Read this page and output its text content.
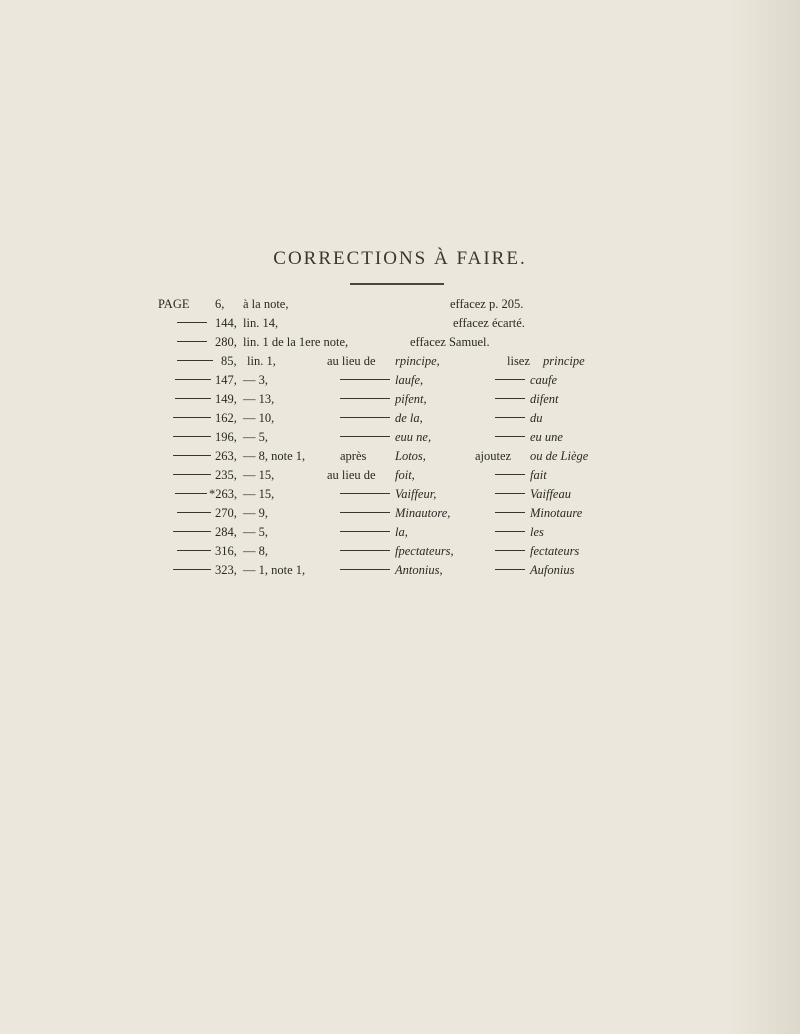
CORRECTIONS À FAIRE.
PAGE 6, à la note,	effacez p. 205.
144, lin. 14,	effacez écarté.
280, lin. 1 de la 1ere note,	effacez Samuel.
85, lin. 1,	au lieu de rpincipe,	lisez principe
147, — 3,	laufe,	caufe
149, — 13,	pifent,	difent
162, — 10,	de la,	du
196, — 5,	euu ne,	eu une
263, — 8, note 1,	après Lotos,	ajoutez ou de Liège
235, — 15,	au lieu de foit,	fait
*263, — 15,	Vaiffeur,	Vaiffeau
270, — 9,	Minautore,	Minotaure
284, — 5,	la,	les
316, — 8,	fpectateurs,	fectateurs
323, — 1, note 1,	Antonius,	Aufonius
